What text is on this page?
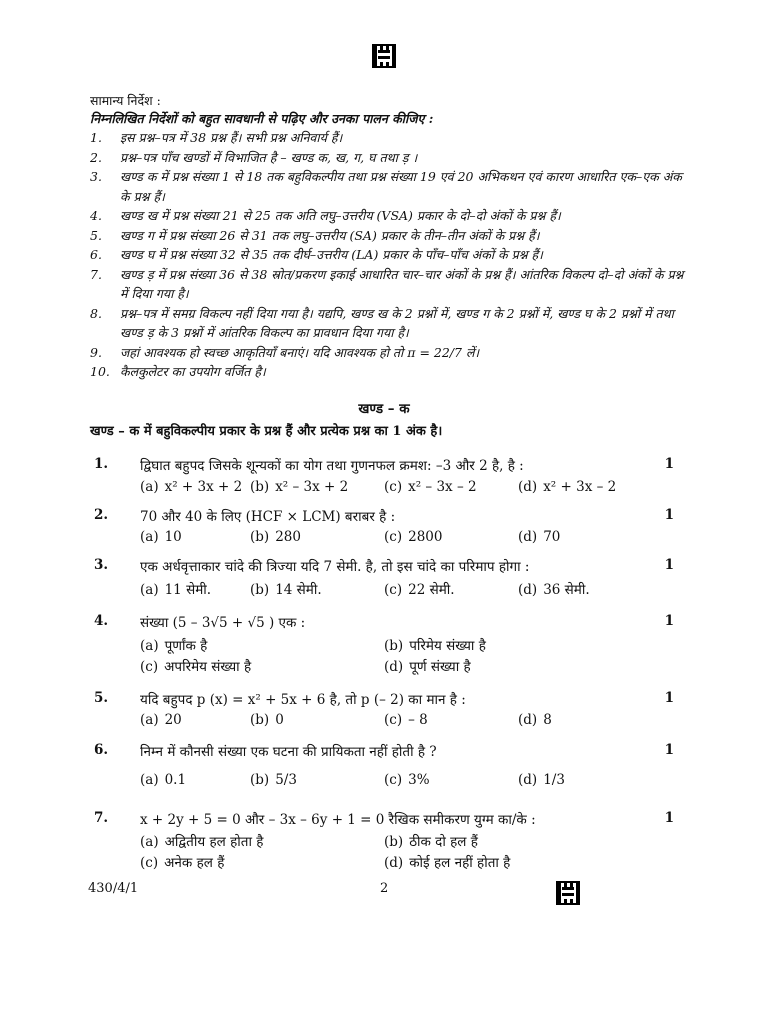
सामान्य निर्देश :
निम्नलिखित निर्देशों को बहुत सावधानी से पढ़िए और उनका पालन कीजिए :
1. इस प्रश्न–पत्र में 38 प्रश्न हैं। सभी प्रश्न अनिवार्य हैं।
2. प्रश्न–पत्र पाँच खण्डों में विभाजित है – खण्ड क, ख, ग, घ तथा ड़ ।
3. खण्ड क में प्रश्न संख्या 1 से 18 तक बहुविकल्पीय तथा प्रश्न संख्या 19 एवं 20 अभिकथन एवं कारण आधारित एक–एक अंक के प्रश्न हैं।
4. खण्ड ख में प्रश्न संख्या 21 से 25 तक अति लघु–उत्तरीय (VSA) प्रकार के दो–दो अंकों के प्रश्न हैं।
5. खण्ड ग में प्रश्न संख्या 26 से 31 तक लघु–उत्तरीय (SA) प्रकार के तीन–तीन अंकों के प्रश्न हैं।
6. खण्ड घ में प्रश्न संख्या 32 से 35 तक दीर्घ–उत्तरीय (LA) प्रकार के पाँच–पाँच अंकों के प्रश्न हैं।
7. खण्ड ड़ में प्रश्न संख्या 36 से 38 स्रोत/प्रकरण इकाई आधारित चार–चार अंकों के प्रश्न हैं। आंतरिक विकल्प दो–दो अंकों के प्रश्न में दिया गया है।
8. प्रश्न–पत्र में समग्र विकल्प नहीं दिया गया है। यद्यपि, खण्ड ख के 2 प्रश्नों में, खण्ड ग के 2 प्रश्नों में, खण्ड घ के 2 प्रश्नों में तथा खण्ड ड़ के 3 प्रश्नों में आंतरिक विकल्प का प्रावधान दिया गया है।
9. जहां आवश्यक हो स्वच्छ आकृतियाँ बनाएं। यदि आवश्यक हो तो π = 22/7 लें।
10. कैलकुलेटर का उपयोग वर्जित है।
खण्ड – क
खण्ड – क में बहुविकल्पीय प्रकार के प्रश्न हैं और प्रत्येक प्रश्न का 1 अंक है।
1. द्विघात बहुपद जिसके शून्यकों का योग तथा गुणनफल क्रमश: –3 और 2 है, है :	1
(a) x² + 3x + 2 (b) x² – 3x + 2	(c) x² – 3x – 2	(d) x² + 3x – 2
2. 70 और 40 के लिए (HCF × LCM) बराबर है :	1
(a) 10	(b) 280	(c) 2800	(d) 70
3. एक अर्धवृत्ताकार चांदे की त्रिज्या यदि 7 सेमी. है, तो इस चांदे का परिमाप होगा :	1
(a) 11 सेमी.	(b) 14 सेमी.	(c) 22 सेमी.	(d) 36 सेमी.
4. संख्या (5 – 3√5 + √5 ) एक :	1
(a) पूर्णांक है	(b) परिमेय संख्या है
(c) अपरिमेय संख्या है	(d) पूर्ण संख्या है
5. यदि बहुपद p (x) = x² + 5x + 6 है, तो p (– 2) का मान है :	1
(a) 20	(b) 0	(c) – 8	(d) 8
6. निम्न में कौनसी संख्या एक घटना की प्रायिकता नहीं होती है ?	1
(a) 0.1	(b) 5/3	(c) 3%	(d) 1/3
7. x + 2y + 5 = 0 और – 3x – 6y + 1 = 0 रैखिक समीकरण युग्म का/के :	1
(a) अद्वितीय हल होता है	(b) ठीक दो हल हैं
(c) अनेक हल हैं	(d) कोई हल नहीं होता है
430/4/1	2
